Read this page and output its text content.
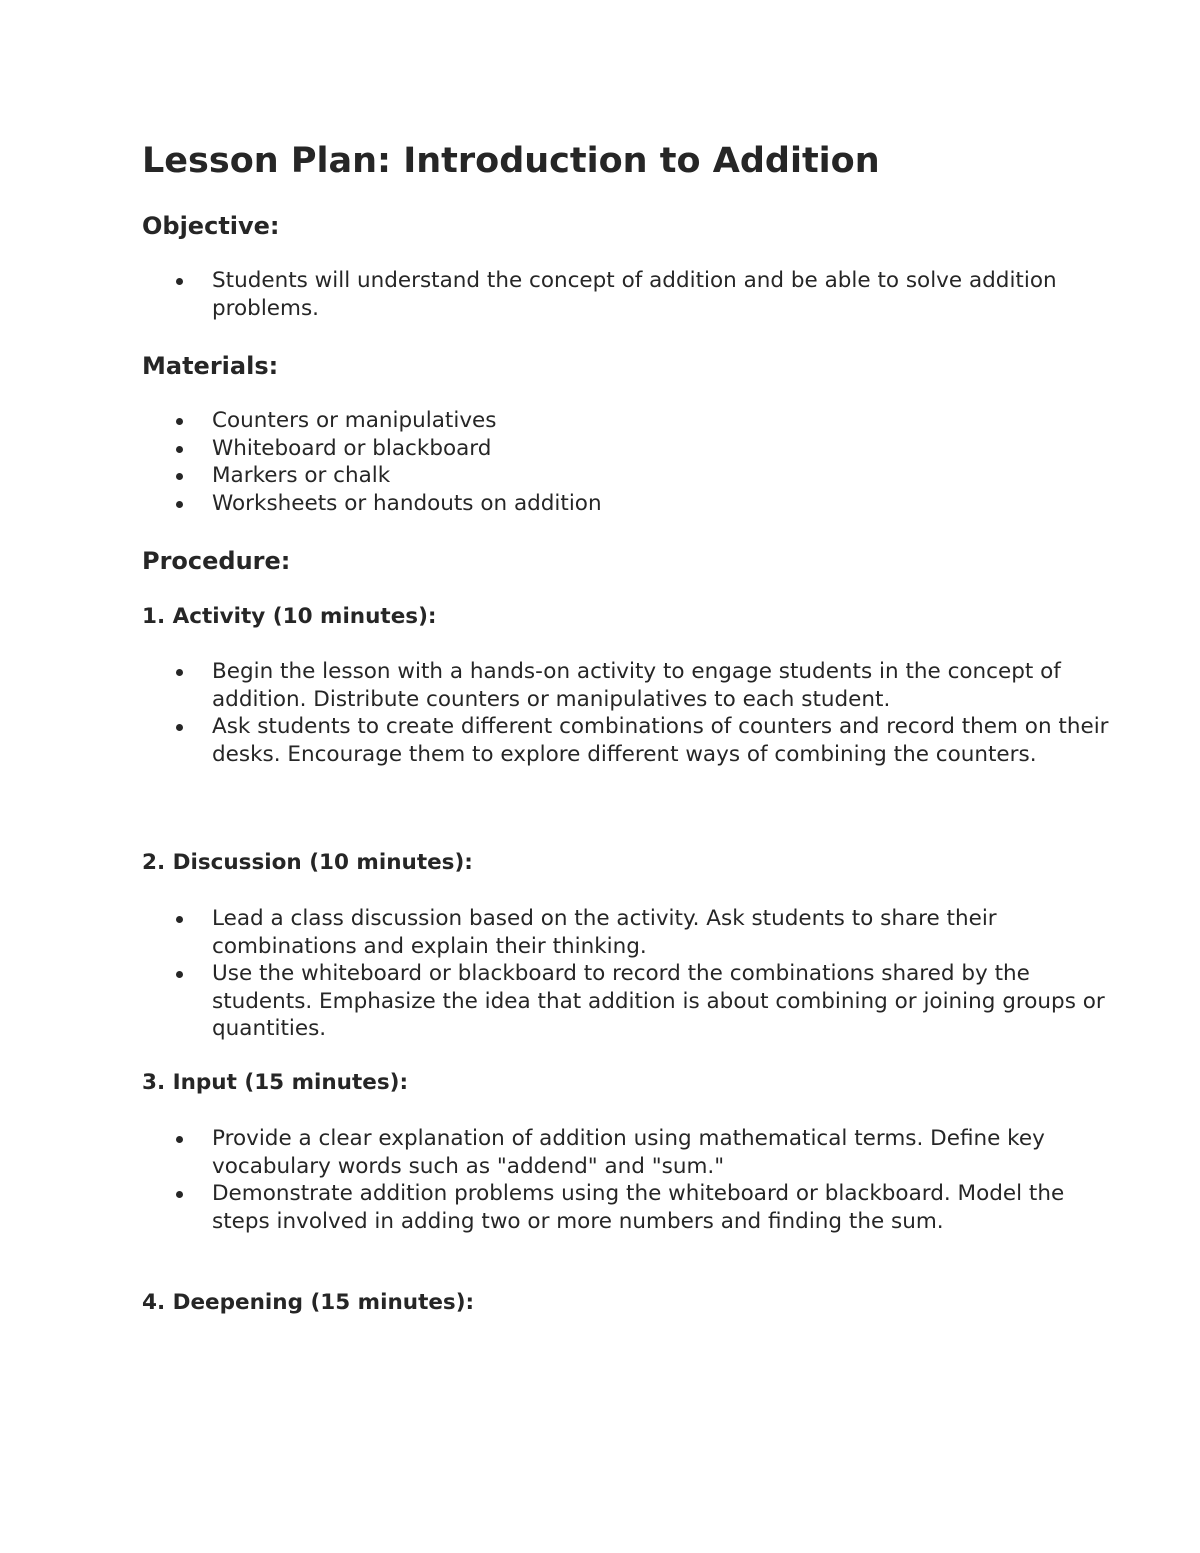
Lesson Plan: Introduction to Addition
Objective:
Students will understand the concept of addition and be able to solve addition problems.
Materials:
Counters or manipulatives
Whiteboard or blackboard
Markers or chalk
Worksheets or handouts on addition
Procedure:
1. Activity (10 minutes):
Begin the lesson with a hands-on activity to engage students in the concept of addition. Distribute counters or manipulatives to each student.
Ask students to create different combinations of counters and record them on their desks. Encourage them to explore different ways of combining the counters.
2. Discussion (10 minutes):
Lead a class discussion based on the activity. Ask students to share their combinations and explain their thinking.
Use the whiteboard or blackboard to record the combinations shared by the students. Emphasize the idea that addition is about combining or joining groups or quantities.
3. Input (15 minutes):
Provide a clear explanation of addition using mathematical terms. Define key vocabulary words such as "addend" and "sum."
Demonstrate addition problems using the whiteboard or blackboard. Model the steps involved in adding two or more numbers and finding the sum.
4. Deepening (15 minutes):
